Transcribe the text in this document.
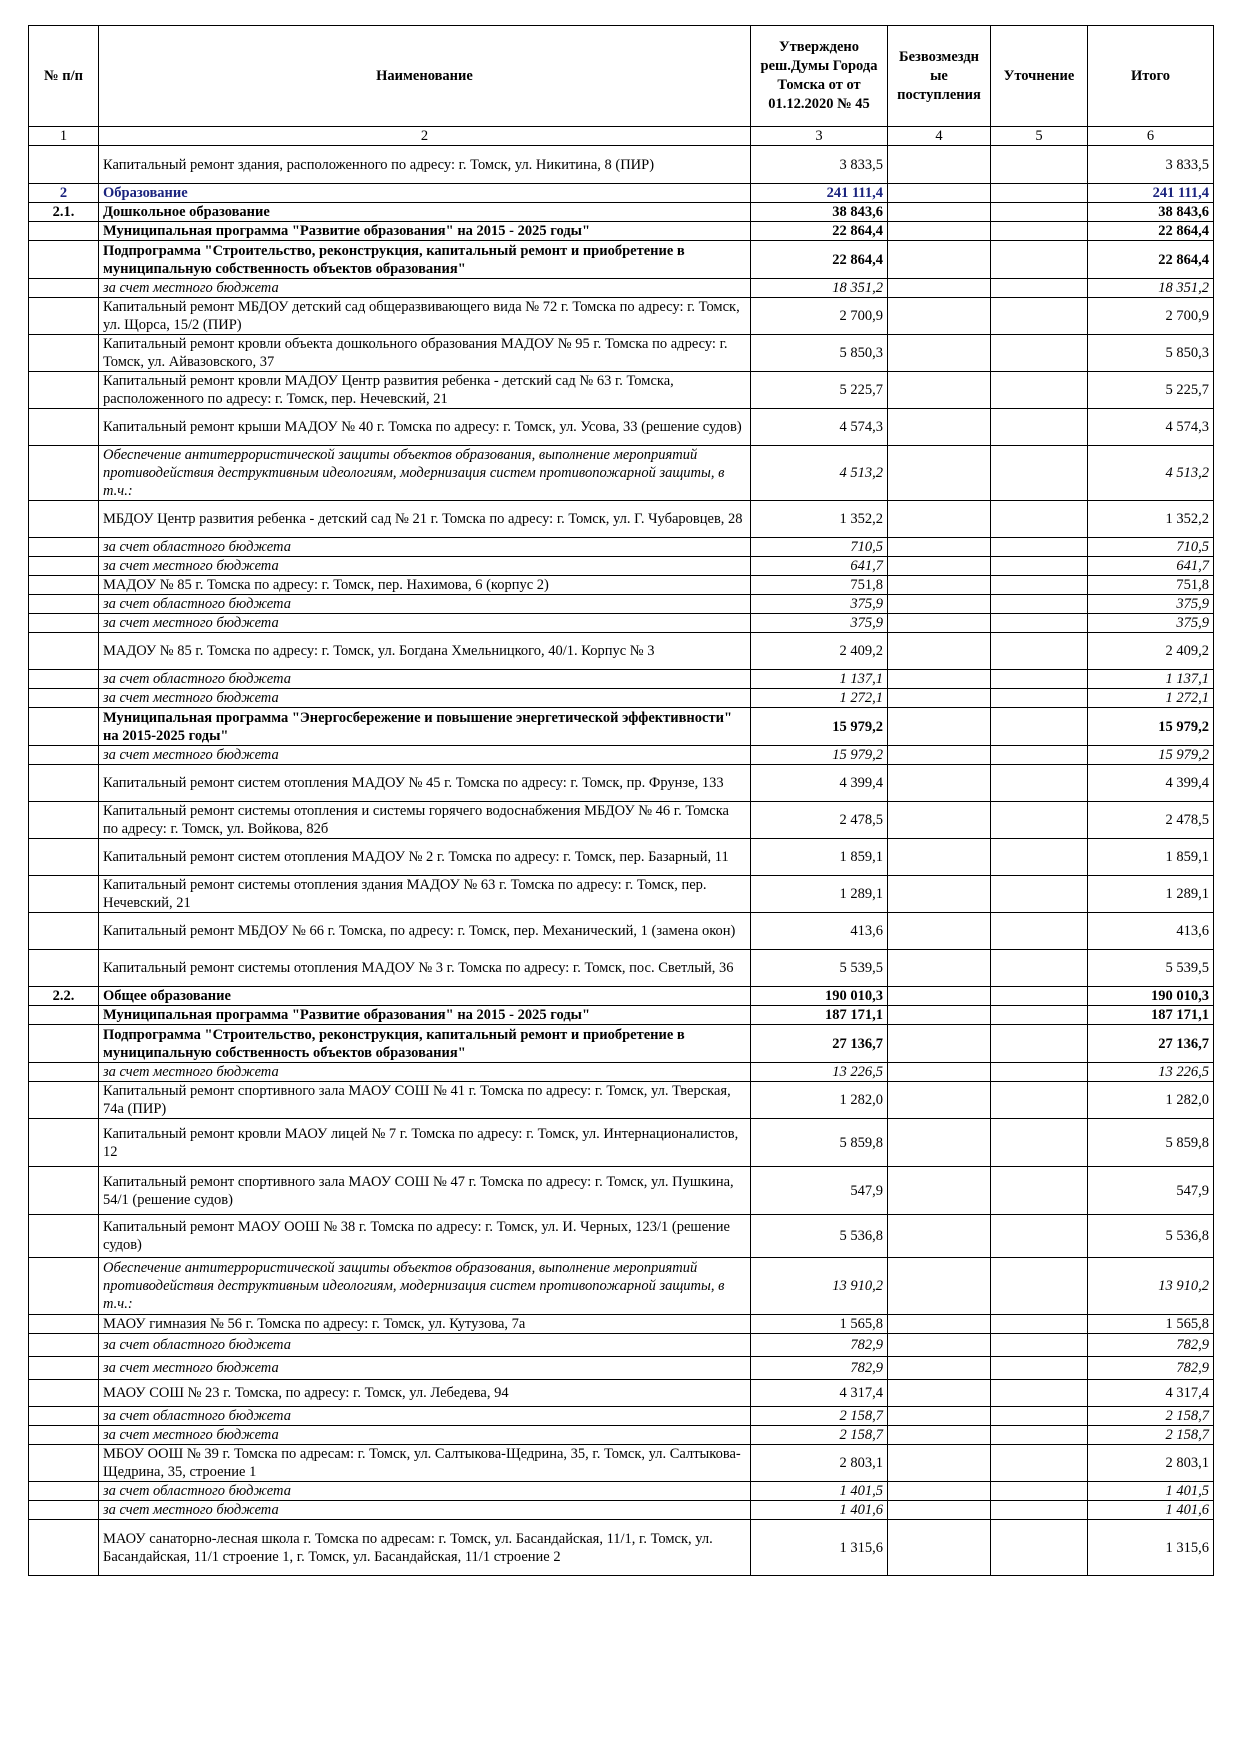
№ п/п	Наименование	Утверждено реш.Думы Города Томска от от 01.12.2020 № 45	Безвозмездн ые поступления	Уточнение	Итого
1	2	3	4	5	6
	Капитальный ремонт здания, расположенного по адресу: г. Томск, ул. Никитина, 8 (ПИР)	3 833,5			3 833,5
2	Образование	241 111,4			241 111,4
2.1.	Дошкольное образование	38 843,6			38 843,6
	Муниципальная программа "Развитие образования" на 2015 - 2025 годы"	22 864,4			22 864,4
	Подпрограмма "Строительство, реконструкция, капитальный ремонт и приобретение в муниципальную собственность объектов образования"	22 864,4			22 864,4
	за счет местного бюджета	18 351,2			18 351,2
	Капитальный ремонт МБДОУ детский сад общеразвивающего вида № 72 г. Томска по адресу: г. Томск, ул. Щорса, 15/2 (ПИР)	2 700,9			2 700,9
	Капитальный ремонт кровли объекта дошкольного образования МАДОУ № 95 г. Томска по адресу: г. Томск, ул. Айвазовского, 37	5 850,3			5 850,3
	Капитальный ремонт кровли МАДОУ Центр развития ребенка - детский сад № 63 г. Томска, расположенного по адресу: г. Томск, пер. Нечевский, 21	5 225,7			5 225,7
	Капитальный ремонт крыши МАДОУ № 40 г. Томска по адресу: г. Томск, ул. Усова, 33 (решение судов)	4 574,3			4 574,3
	Обеспечение антитеррористической защиты объектов образования, выполнение мероприятий противодействия деструктивным идеологиям, модернизация систем противопожарной защиты, в т.ч.:	4 513,2			4 513,2
	МБДОУ Центр развития ребенка - детский сад № 21 г. Томска по адресу: г. Томск, ул. Г. Чубаровцев, 28	1 352,2			1 352,2
	за счет областного бюджета	710,5			710,5
	за счет местного бюджета	641,7			641,7
	МАДОУ № 85 г. Томска по адресу: г. Томск, пер. Нахимова, 6 (корпус 2)	751,8			751,8
	за счет областного бюджета	375,9			375,9
	за счет местного бюджета	375,9			375,9
	МАДОУ № 85 г. Томска по адресу: г. Томск, ул. Богдана Хмельницкого, 40/1. Корпус № 3	2 409,2			2 409,2
	за счет областного бюджета	1 137,1			1 137,1
	за счет местного бюджета	1 272,1			1 272,1
	Муниципальная программа "Энергосбережение и повышение энергетической эффективности" на 2015-2025 годы"	15 979,2			15 979,2
	за счет местного бюджета	15 979,2			15 979,2
	Капитальный ремонт систем отопления МАДОУ № 45 г. Томска по адресу: г. Томск, пр. Фрунзе, 133	4 399,4			4 399,4
	Капитальный ремонт системы отопления и системы горячего водоснабжения МБДОУ № 46 г. Томска по адресу: г. Томск, ул. Войкова, 82б	2 478,5			2 478,5
	Капитальный ремонт систем отопления МАДОУ № 2 г. Томска по адресу: г. Томск, пер. Базарный, 11	1 859,1			1 859,1
	Капитальный ремонт системы отопления здания МАДОУ № 63 г. Томска по адресу: г. Томск, пер. Нечевский, 21	1 289,1			1 289,1
	Капитальный ремонт МБДОУ № 66 г. Томска, по адресу: г. Томск, пер. Механический, 1 (замена окон)	413,6			413,6
	Капитальный ремонт системы отопления МАДОУ № 3 г. Томска по адресу: г. Томск, пос. Светлый, 36	5 539,5			5 539,5
2.2.	Общее образование	190 010,3			190 010,3
	Муниципальная программа "Развитие образования" на 2015 - 2025 годы"	187 171,1			187 171,1
	Подпрограмма "Строительство, реконструкция, капитальный ремонт и приобретение в муниципальную собственность объектов образования"	27 136,7			27 136,7
	за счет местного бюджета	13 226,5			13 226,5
	Капитальный ремонт спортивного зала МАОУ СОШ № 41 г. Томска по адресу: г. Томск, ул. Тверская, 74а (ПИР)	1 282,0			1 282,0
	Капитальный ремонт кровли МАОУ лицей № 7 г. Томска по адресу: г. Томск, ул. Интернационалистов, 12	5 859,8			5 859,8
	Капитальный ремонт спортивного зала МАОУ СОШ № 47 г. Томска по адресу: г. Томск, ул. Пушкина, 54/1 (решение судов)	547,9			547,9
	Капитальный ремонт МАОУ ООШ № 38 г. Томска по адресу: г. Томск, ул. И. Черных, 123/1 (решение судов)	5 536,8			5 536,8
	Обеспечение антитеррористической защиты объектов образования, выполнение мероприятий противодействия деструктивным идеологиям, модернизация систем противопожарной защиты, в т.ч.:	13 910,2			13 910,2
	МАОУ гимназия № 56 г. Томска по адресу: г. Томск, ул. Кутузова, 7а	1 565,8			1 565,8
	за счет областного бюджета	782,9			782,9
	за счет местного бюджета	782,9			782,9
	МАОУ СОШ № 23 г. Томска, по адресу: г. Томск, ул. Лебедева, 94	4 317,4			4 317,4
	за счет областного бюджета	2 158,7			2 158,7
	за счет местного бюджета	2 158,7			2 158,7
	МБОУ ООШ № 39 г. Томска по адресам: г. Томск, ул. Салтыкова-Щедрина, 35, г. Томск, ул. Салтыкова-Щедрина, 35, строение 1	2 803,1			2 803,1
	за счет областного бюджета	1 401,5			1 401,5
	за счет местного бюджета	1 401,6			1 401,6
	МАОУ санаторно-лесная школа г. Томска по адресам: г. Томск, ул. Басандайская, 11/1, г. Томск, ул. Басандайская, 11/1 строение 1, г. Томск, ул. Басандайская, 11/1 строение 2	1 315,6			1 315,6
